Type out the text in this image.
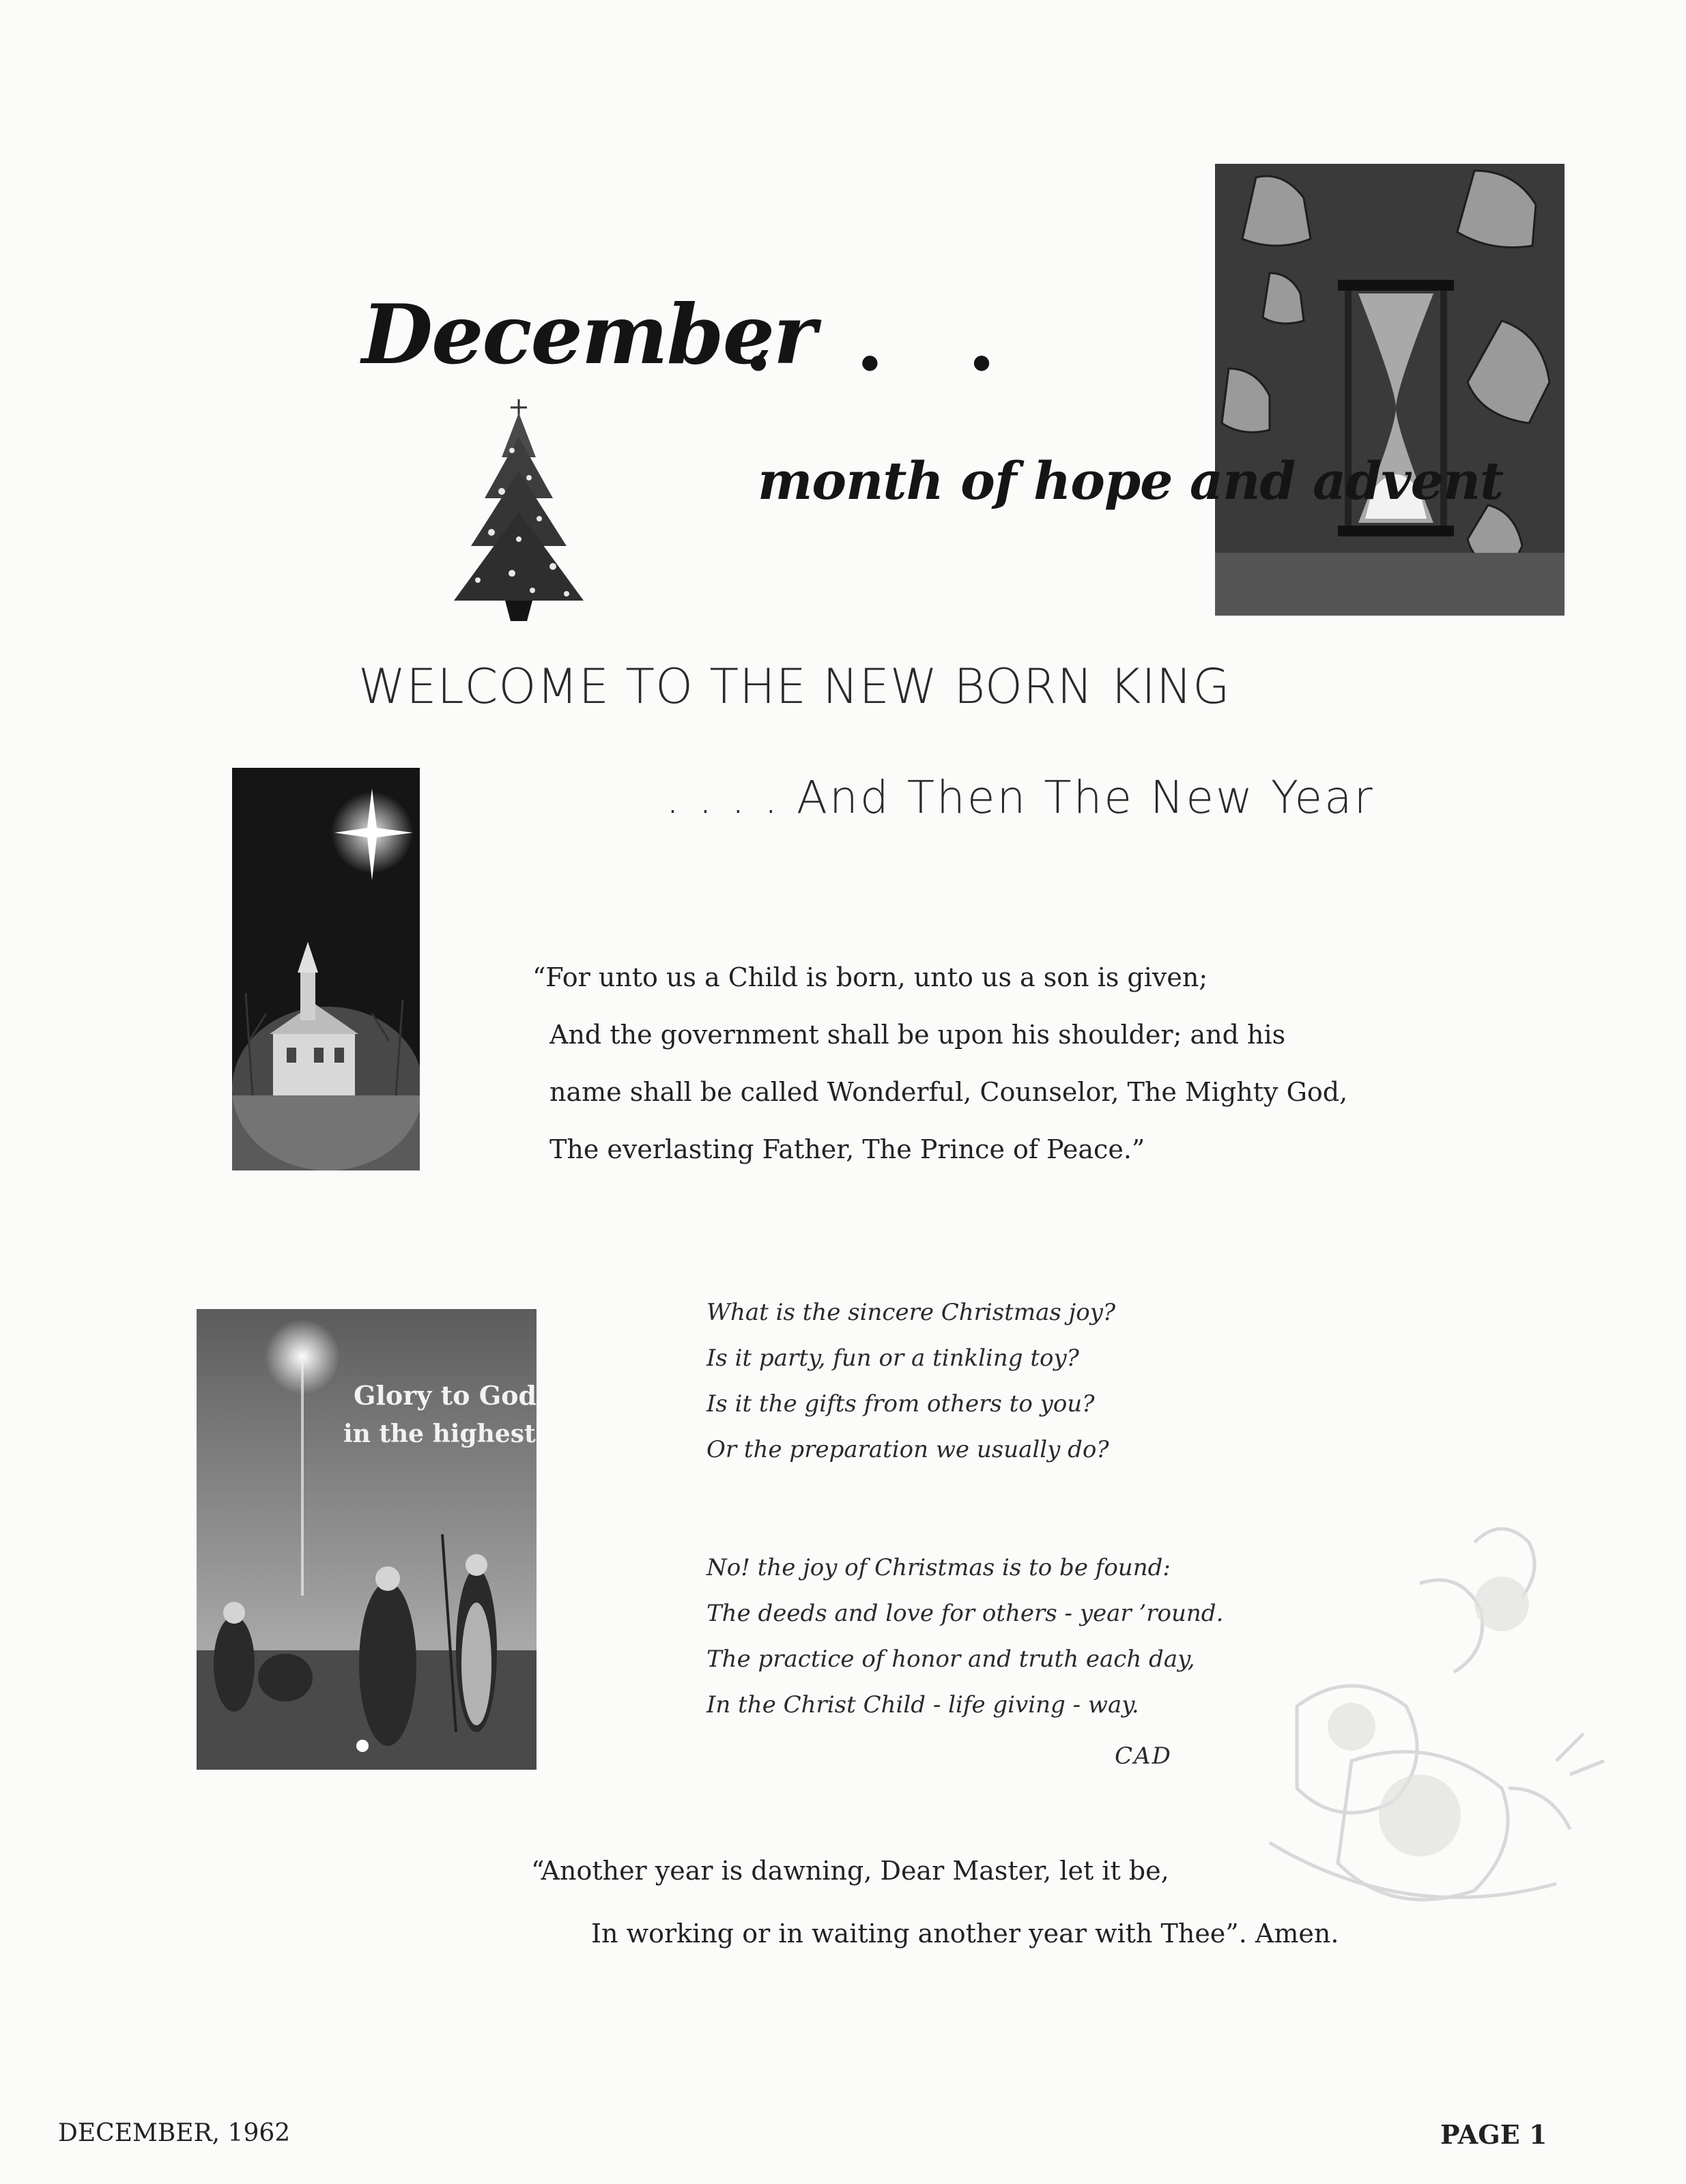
December
. . .
month of hope and advent
WELCOME TO THE NEW BORN KING
. . . . And Then The New Year
“For unto us a Child is born, unto us a son is given;
And the government shall be upon his shoulder; and his
name shall be called Wonderful, Counselor, The Mighty God,
The everlasting Father, The Prince of Peace.”
Glory to God
in the highest
What is the sincere Christmas joy?
Is it party, fun or a tinkling toy?
Is it the gifts from others to you?
Or the preparation we usually do?
No! the joy of Christmas is to be found:
The deeds and love for others - year ’round.
The practice of honor and truth each day,
In the Christ Child - life giving - way.
CAD
“Another year is dawning, Dear Master, let it be,
In working or in waiting another year with Thee”. Amen.
DECEMBER, 1962	PAGE 1
